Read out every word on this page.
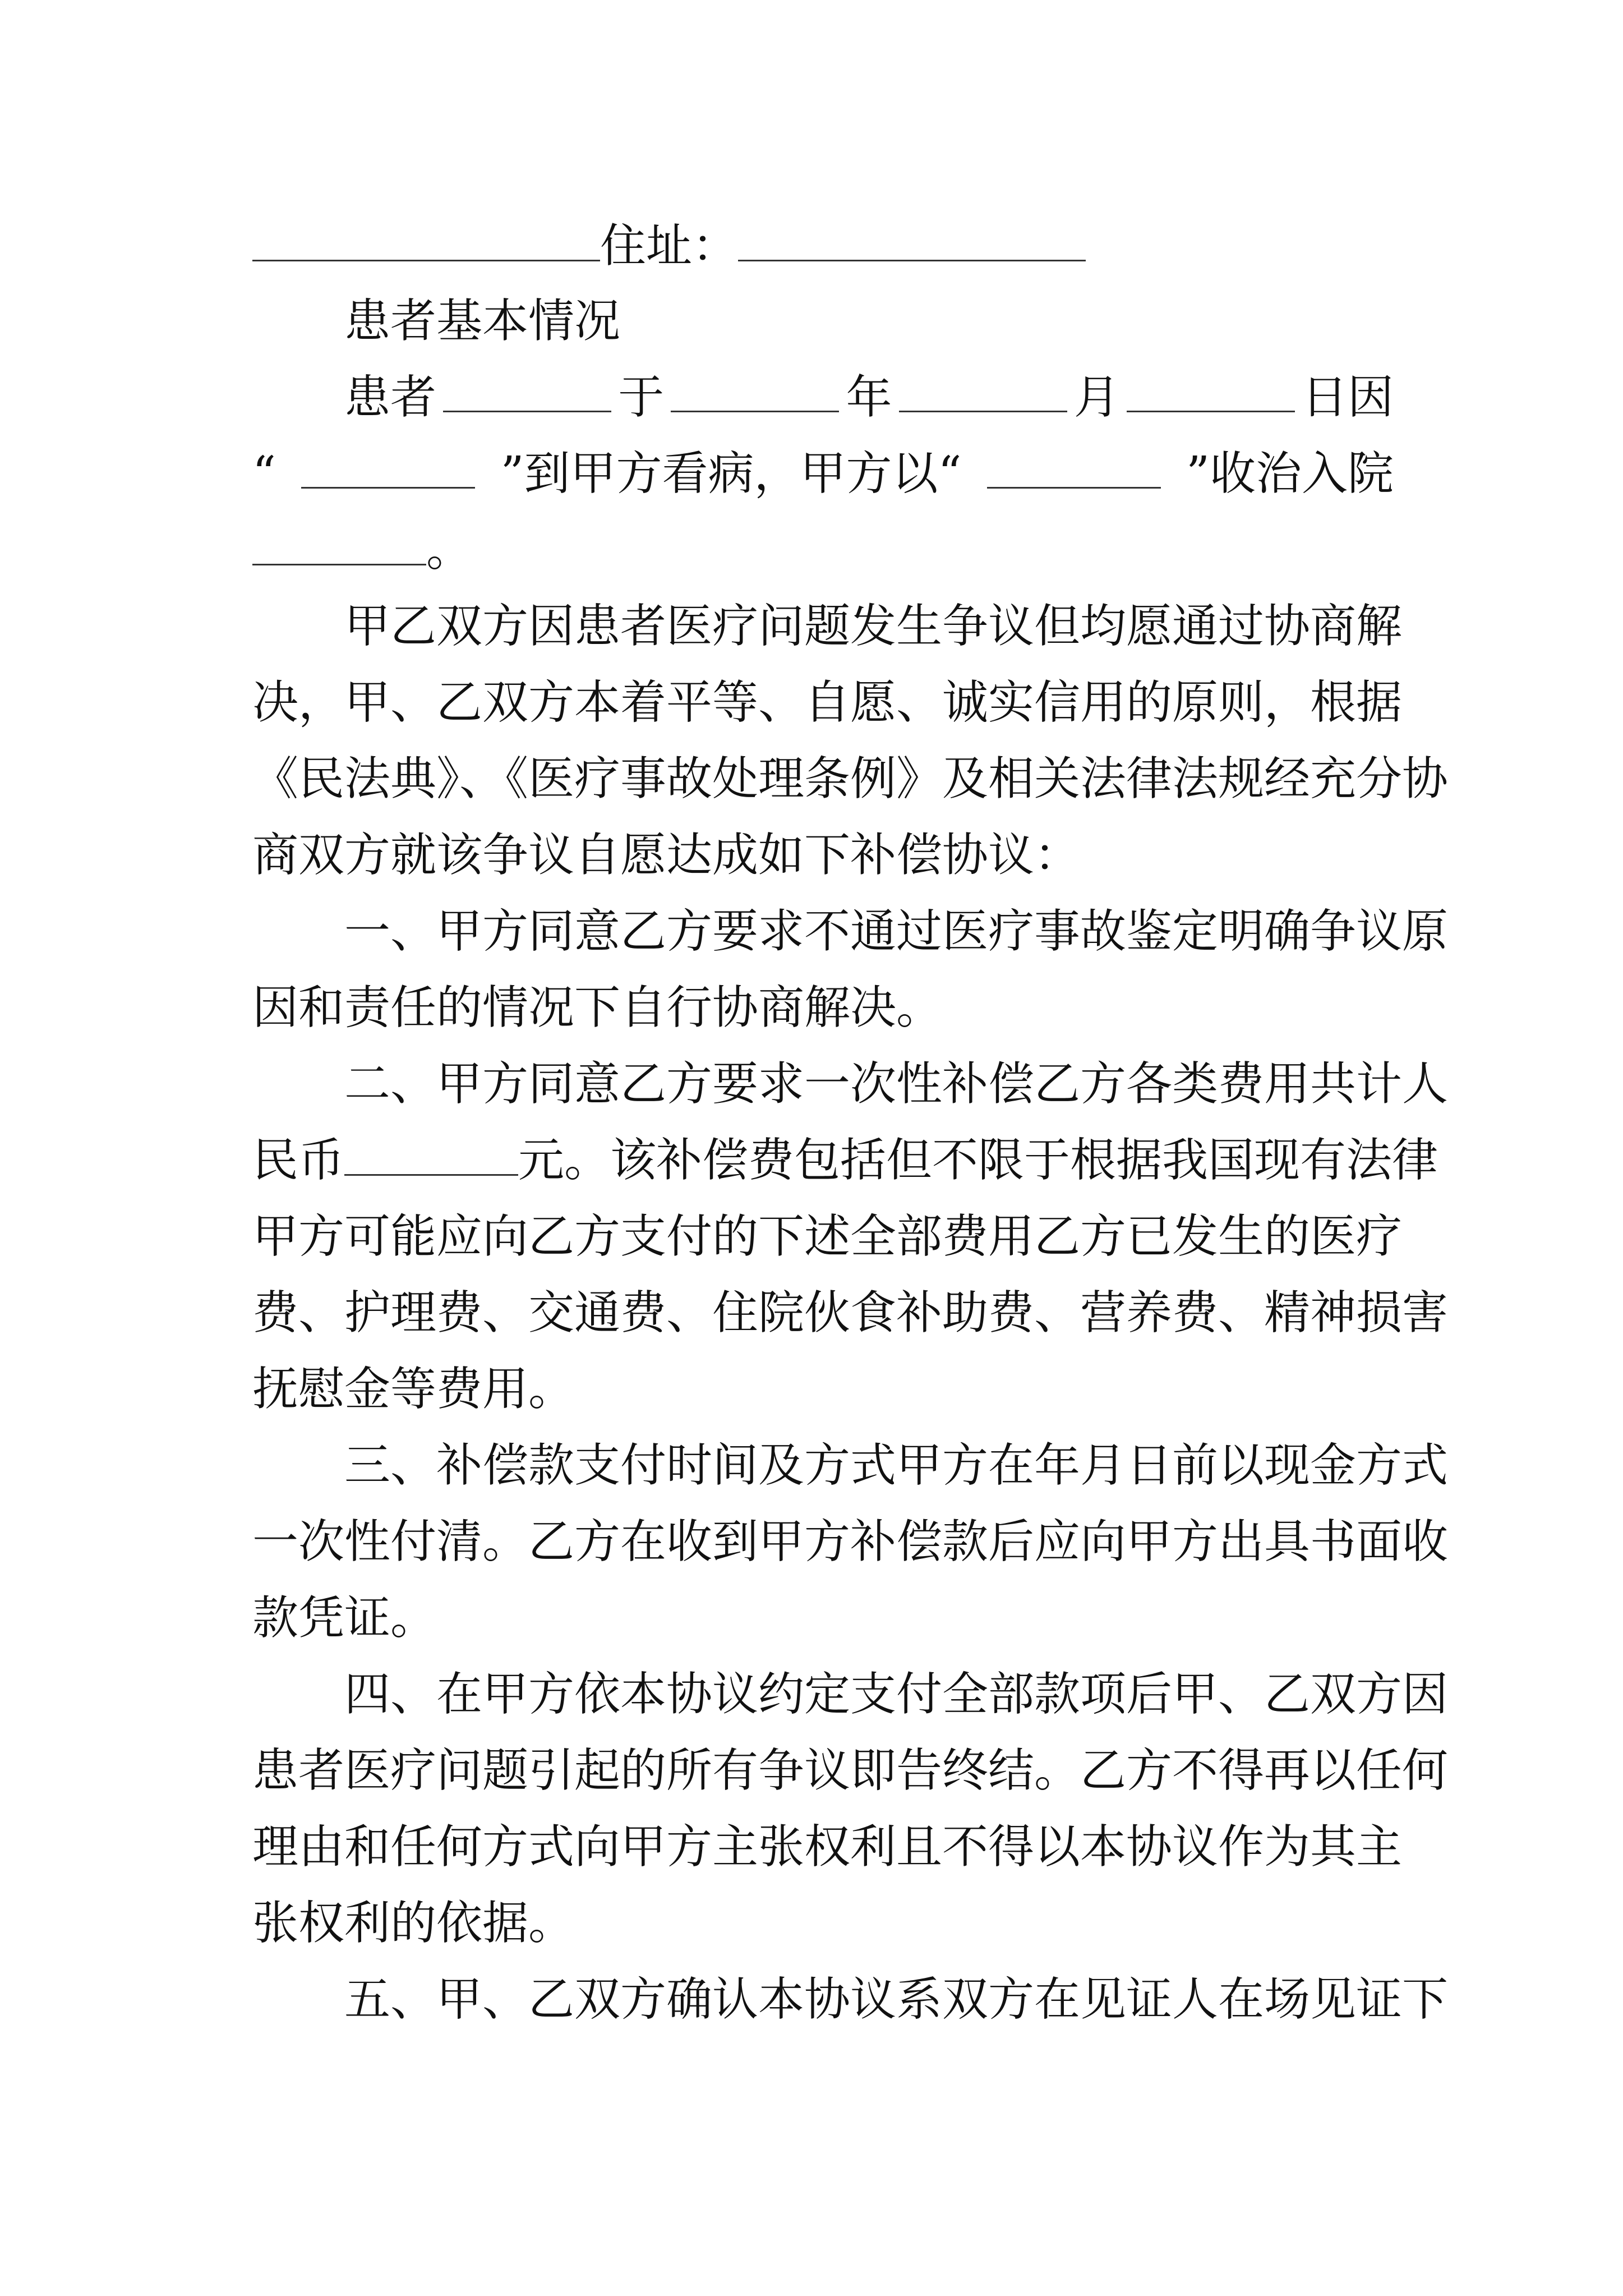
住址：
患者基本情况
患者	于	年	月	日因
“	”到甲方看病，甲方以“	”收治入院
。
甲乙双方因患者医疗问题发生争议但均愿通过协商解
决，甲、乙双方本着平等、自愿、诚实信用的原则，根据
《民法典》、《医疗事故处理条例》及相关法律法规经充分协
商双方就该争议自愿达成如下补偿协议：
一、甲方同意乙方要求不通过医疗事故鉴定明确争议原
因和责任的情况下自行协商解决。
二、甲方同意乙方要求一次性补偿乙方各类费用共计人
民币	元。该补偿费包括但不限于根据我国现有法律
甲方可能应向乙方支付的下述全部费用乙方已发生的医疗
费、护理费、交通费、住院伙食补助费、营养费、精神损害
抚慰金等费用。
三、补偿款支付时间及方式甲方在年月日前以现金方式
一次性付清。乙方在收到甲方补偿款后应向甲方出具书面收
款凭证。
四、在甲方依本协议约定支付全部款项后甲、乙双方因
患者医疗问题引起的所有争议即告终结。乙方不得再以任何
理由和任何方式向甲方主张权利且不得以本协议作为其主
张权利的依据。
五、甲、乙双方确认本协议系双方在见证人在场见证下
